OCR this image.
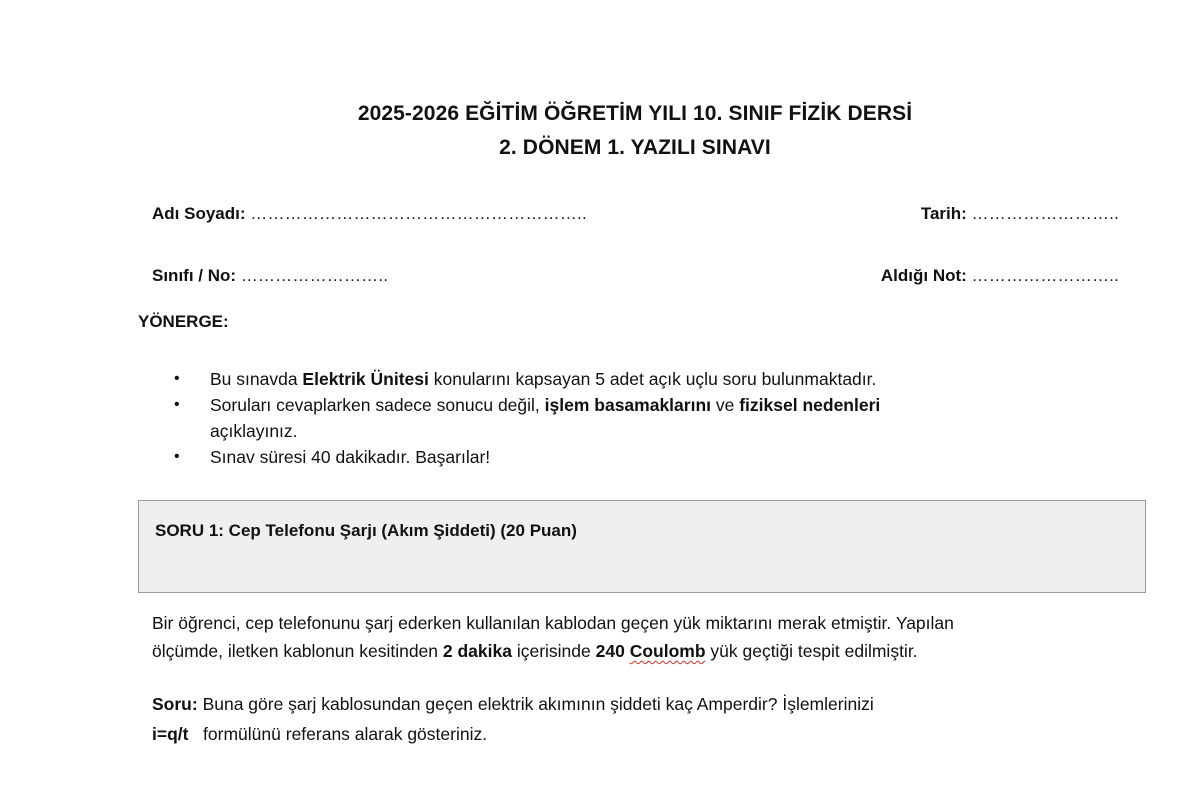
2025-2026 EĞİTİM ÖĞRETİM YILI 10. SINIF FİZİK DERSİ
2. DÖNEM 1. YAZILI SINAVI
Adı Soyadı: …………………………………………………..	Tarih: ……………………..
Sınıfı / No: ……………………..	Aldığı Not: ……………………..
YÖNERGE:
• Bu sınavda Elektrik Ünitesi konularını kapsayan 5 adet açık uçlu soru bulunmaktadır.
• Soruları cevaplarken sadece sonucu değil, işlem basamaklarını ve fiziksel nedenleri açıklayınız.
• Sınav süresi 40 dakikadır. Başarılar!
SORU 1: Cep Telefonu Şarjı (Akım Şiddeti) (20 Puan)
Bir öğrenci, cep telefonunu şarj ederken kullanılan kablodan geçen yük miktarını merak etmiştir. Yapılan
ölçümde, iletken kablonun kesitinden 2 dakika içerisinde 240 Coulomb yük geçtiği tespit edilmiştir.
Soru: Buna göre şarj kablosundan geçen elektrik akımının şiddeti kaç Amperdir? İşlemlerinizi
i=q/t   formülünü referans alarak gösteriniz.
